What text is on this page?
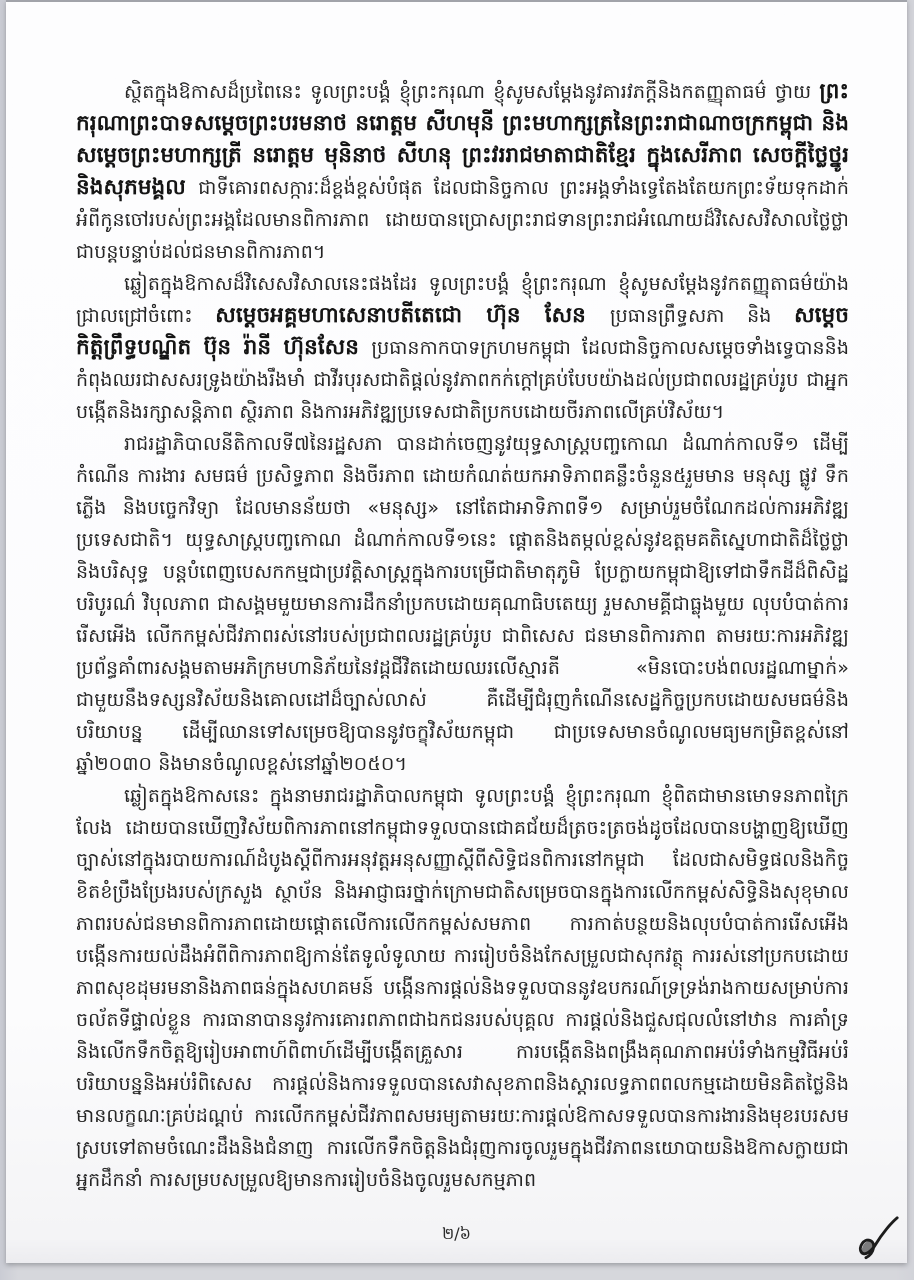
ស្ថិតក្នុងឱកាសដ៏ប្រពៃនេះ ទូលព្រះបង្គំ ខ្ញុំព្រះករុណា ខ្ញុំសូមសម្ដែងនូវគារវភក្ដីនិងកតញ្ញុតាធម៌ ថ្វាយ ព្រះករុណាព្រះបាទសម្ដេចព្រះបរមនាថ នរោត្ដម សីហមុនី ព្រះមហាក្សត្រនៃព្រះរាជាណាចក្រកម្ពុជា និង សម្ដេចព្រះមហាក្សត្រី នរោត្ដម មុនិនាថ សីហនុ ព្រះវររាជមាតាជាតិខ្មែរ ក្នុងសេរីភាព សេចក្ដីថ្លៃថ្នូរ និងសុភមង្គល ជាទីគោរពសក្ការៈដ៏ខ្ពង់ខ្ពស់បំផុត ដែលជានិច្ចកាល ព្រះអង្គទាំងទ្វេតែងតែយកព្រះទ័យទុកដាក់អំពីកូនចៅរបស់ព្រះអង្គដែលមានពិការភាព ដោយបានប្រោសព្រះរាជទានព្រះរាជអំណោយដ៏វិសេសវិសាលថ្លៃថ្លាជាបន្តបន្ទាប់ដល់ជនមានពិការភាព។

ឆ្លៀតក្នុងឱកាសដ៏វិសេសវិសាលនេះផងដែរ ទូលព្រះបង្គំ ខ្ញុំព្រះករុណា ខ្ញុំសូមសម្ដែងនូវកតញ្ញុតាធម៌យ៉ាងជ្រាលជ្រៅចំពោះ សម្ដេចអគ្គមហាសេនាបតីតេជោ ហ៊ុន សែន ប្រធានព្រឹទ្ធសភា និង សម្ដេចកិត្តិព្រឹទ្ធបណ្ឌិត ប៊ុន រ៉ានី ហ៊ុនសែន ប្រធានកាកបាទក្រហមកម្ពុជា ដែលជានិច្ចកាលសម្ដេចទាំងទ្វេបាននិងកំពុងឈរជាសសរទ្រូងយ៉ាងរឹងមាំ ជាវីរបុរសជាតិផ្ដល់នូវភាពកក់ក្ដៅគ្រប់បែបយ៉ាងដល់ប្រជាពលរដ្ឋគ្រប់រូប ជាអ្នកបង្កើតនិងរក្សាសន្តិភាព ស្ថិរភាព និងការអភិវឌ្ឍប្រទេសជាតិប្រកបដោយចីរភាពលើគ្រប់វិស័យ។

រាជរដ្ឋាភិបាលនីតិកាលទី៧នៃរដ្ឋសភា បានដាក់ចេញនូវយុទ្ធសាស្ត្របញ្ចកោណ ដំណាក់កាលទី១ ដើម្បីកំណើន ការងារ សមធម៌ ប្រសិទ្ធភាព និងចីរភាព ដោយកំណត់យកអាទិភាពគន្លឹះចំនួន៥រួមមាន មនុស្ស ផ្លូវ ទឹក ភ្លើង និងបច្ចេកវិទ្យា ដែលមានន័យថា «មនុស្ស» នៅតែជាអាទិភាពទី១ សម្រាប់រួមចំណែកដល់ការអភិវឌ្ឍប្រទេសជាតិ។ យុទ្ធសាស្ត្របញ្ចកោណ ដំណាក់កាលទី១នេះ ផ្ដោតនិងតម្កល់ខ្ពស់នូវឧត្តមគតិស្នេហាជាតិដ៏ថ្លៃថ្លានិងបរិសុទ្ធ បន្តបំពេញបេសកកម្មជាប្រវត្តិសាស្ត្រក្នុងការបម្រើជាតិមាតុភូមិ ប្រែក្លាយកម្ពុជាឱ្យទៅជាទឹកដីដ៏ពិសិដ្ឋ បរិបូរណ៌ វិបុលភាព ជាសង្គមមួយមានការដឹកនាំប្រកបដោយគុណាធិបតេយ្យ រួមសាមគ្គីជាធ្លុងមួយ លុបបំបាត់ការរើសអើង លើកកម្ពស់ជីវភាពរស់នៅរបស់ប្រជាពលរដ្ឋគ្រប់រូប ជាពិសេស ជនមានពិការភាព តាមរយៈការអភិវឌ្ឍប្រព័ន្ធគាំពារសង្គមតាមអភិក្រមហានិភ័យនៃវដ្ដជីវិតដោយឈរលើស្មារតី «មិនបោះបង់ពលរដ្ឋណាម្នាក់» ជាមួយនឹងទស្សនវិស័យនិងគោលដៅដ៏ច្បាស់លាស់ គឺដើម្បីជំរុញកំណើនសេដ្ឋកិច្ចប្រកបដោយសមធម៌និងបរិយាបន្ន ដើម្បីឈានទៅសម្រេចឱ្យបាននូវចក្ខុវិស័យកម្ពុជា ជាប្រទេសមានចំណូលមធ្យមកម្រិតខ្ពស់នៅឆ្នាំ២០៣០ និងមានចំណូលខ្ពស់នៅឆ្នាំ២០៥០។

ឆ្លៀតក្នុងឱកាសនេះ ក្នុងនាមរាជរដ្ឋាភិបាលកម្ពុជា ទូលព្រះបង្គំ ខ្ញុំព្រះករុណា ខ្ញុំពិតជាមានមោទនភាពក្រៃលែង ដោយបានឃើញវិស័យពិការភាពនៅកម្ពុជាទទួលបានជោគជ័យដ៏ត្រចះត្រចង់ដូចដែលបានបង្ហាញឱ្យឃើញច្បាស់នៅក្នុងរបាយការណ៍ដំបូងស្ដីពីការអនុវត្តអនុសញ្ញាស្ដីពីសិទ្ធិជនពិការនៅកម្ពុជា ដែលជាសមិទ្ធផលនិងកិច្ចខិតខំប្រឹងប្រែងរបស់ក្រសួង ស្ថាប័ន និងអាជ្ញាធរថ្នាក់ក្រោមជាតិសម្រេចបានក្នុងការលើកកម្ពស់សិទ្ធិនិងសុខុមាលភាពរបស់ជនមានពិការភាពដោយផ្ដោតលើការលើកកម្ពស់សមភាព ការកាត់បន្ថយនិងលុបបំបាត់ការរើសអើង បង្កើនការយល់ដឹងអំពីពិការភាពឱ្យកាន់តែទូលំទូលាយ ការរៀបចំនិងកែសម្រួលជាសុកវត្ថុ ការរស់នៅប្រកបដោយភាពសុខដុមរមនានិងភាពធន់ក្នុងសហគមន៍ បង្កើនការផ្ដល់និងទទួលបាននូវឧបករណ៍ទ្រទ្រង់រាងកាយសម្រាប់ការចល័តទីផ្ទាល់ខ្លួន ការធានាបាននូវការគោរពភាពជាឯកជនរបស់បុគ្គល ការផ្ដល់និងជួសជុលលំនៅឋាន ការគាំទ្រនិងលើកទឹកចិត្តឱ្យរៀបអាពាហ៍ពិពាហ៍ដើម្បីបង្កើតគ្រួសារ ការបង្កើតនិងពង្រឹងគុណភាពអប់រំទាំងកម្មវិធីអប់រំបរិយាបន្ននិងអប់រំពិសេស ការផ្ដល់និងការទទួលបានសេវាសុខភាពនិងស្ដារលទ្ធភាពពលកម្មដោយមិនគិតថ្លៃនិងមានលក្ខណៈគ្រប់ដណ្ដប់ ការលើកកម្ពស់ជីវភាពសមរម្យតាមរយៈការផ្ដល់ឱកាសទទួលបានការងារនិងមុខរបរសមស្របទៅតាមចំណេះដឹងនិងជំនាញ ការលើកទឹកចិត្តនិងជំរុញការចូលរួមក្នុងជីវភាពនយោបាយនិងឱកាសក្លាយជាអ្នកដឹកនាំ ការសម្របសម្រួលឱ្យមានការរៀបចំនិងចូលរួមសកម្មភាព

២/៦
